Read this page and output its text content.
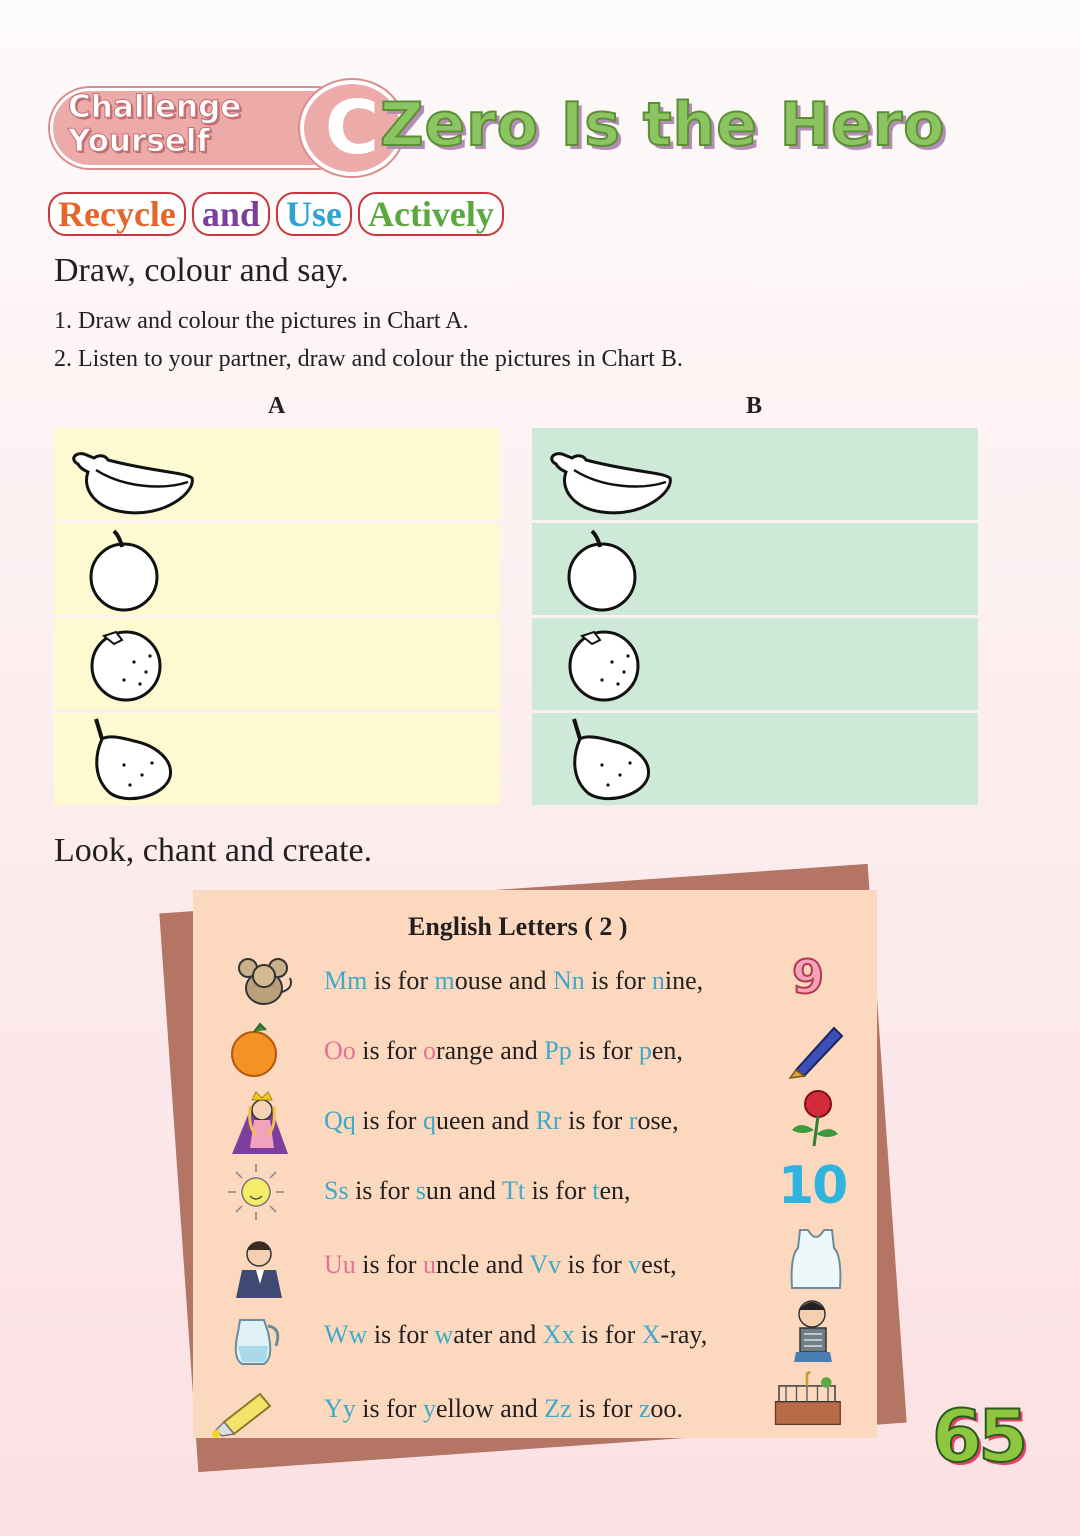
Challenge
Yourself	C Zero Is the Hero
Recycle and Use Actively
Draw, colour and say.
1. Draw and colour the pictures in Chart A.
2. Listen to your partner, draw and colour the pictures in Chart B.
A	B
Look, chant and create.
English Letters ( 2 )
Mm is for mouse and Nn is for nine,
Oo is for orange and Pp is for pen,
Qq is for queen and Rr is for rose,
Ss is for sun and Tt is for ten,
Uu is for uncle and Vv is for vest,
Ww is for water and Xx is for X-ray,
Yy is for yellow and Zz is for zoo.
9
10
65
